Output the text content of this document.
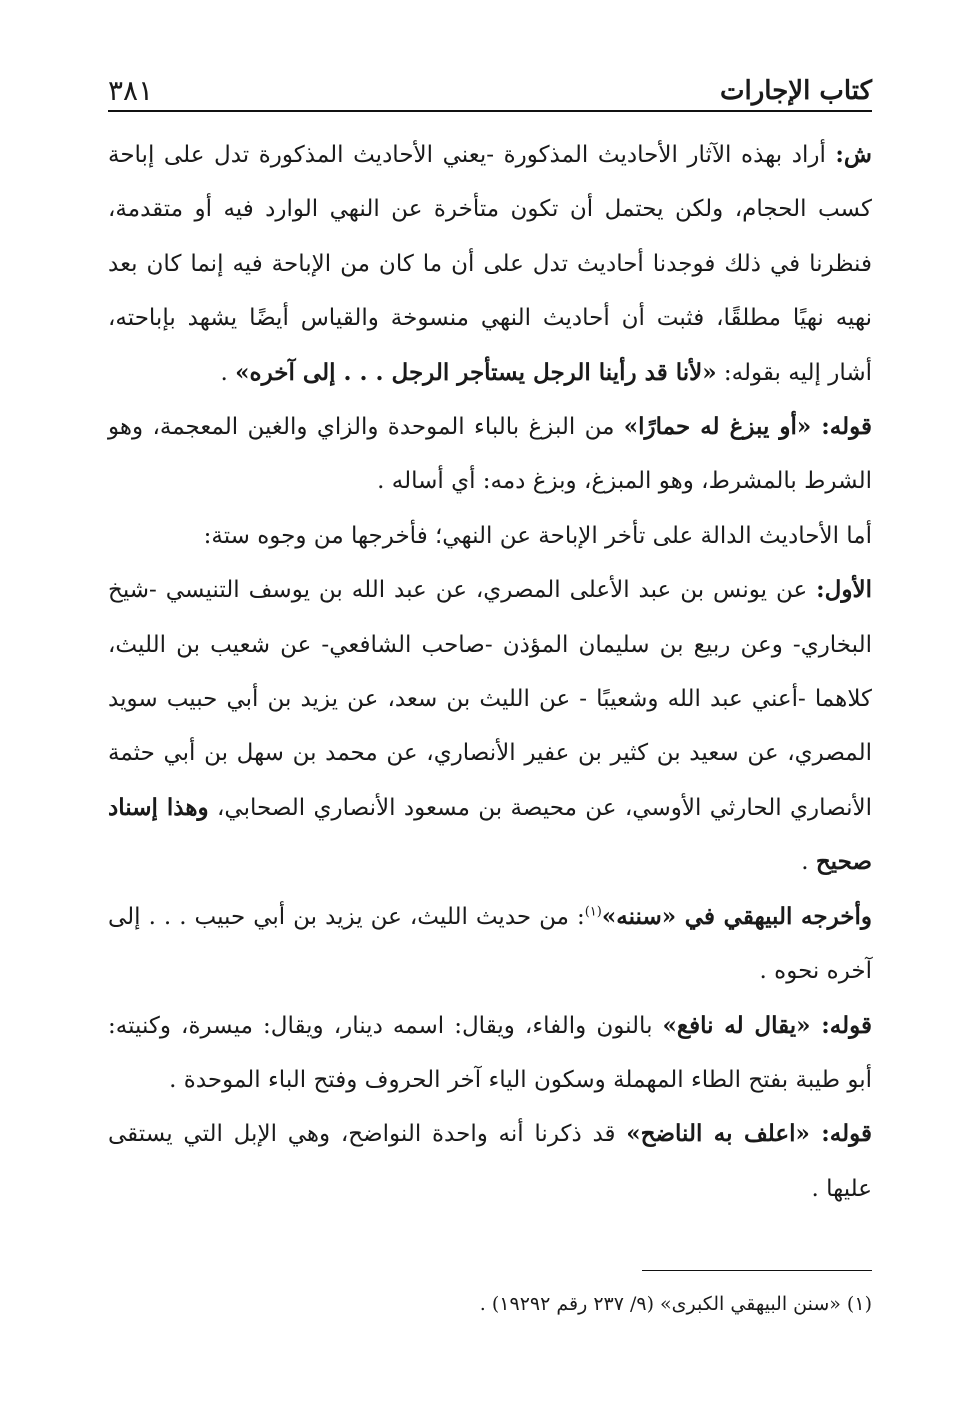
كتاب الإجارات
٣٨١

ش: أراد بهذه الآثار الأحاديث المذكورة -يعني الأحاديث المذكورة تدل على إباحة كسب الحجام، ولكن يحتمل أن تكون متأخرة عن النهي الوارد فيه أو متقدمة، فنظرنا في ذلك فوجدنا أحاديث تدل على أن ما كان من الإباحة فيه إنما كان بعد نهيه نهيًا مطلقًا، فثبت أن أحاديث النهي منسوخة والقياس أيضًا يشهد بإباحته، أشار إليه بقوله: «لأنا قد رأينا الرجل يستأجر الرجل . . . إلى آخره» .

قوله: «أو يبزغ له حمارًا» من البزغ بالباء الموحدة والزاي والغين المعجمة، وهو الشرط بالمشرط، وهو المبزغ، وبزغ دمه: أي أساله .

أما الأحاديث الدالة على تأخر الإباحة عن النهي؛ فأخرجها من وجوه ستة:

الأول: عن يونس بن عبد الأعلى المصري، عن عبد الله بن يوسف التنيسي -شيخ البخاري- وعن ربيع بن سليمان المؤذن -صاحب الشافعي- عن شعيب بن الليث، كلاهما -أعني عبد الله وشعيبًا - عن الليث بن سعد، عن يزيد بن أبي حبيب سويد المصري، عن سعيد بن كثير بن عفير الأنصاري، عن محمد بن سهل بن أبي حثمة الأنصاري الحارثي الأوسي، عن محيصة بن مسعود الأنصاري الصحابي، وهذا إسناد صحيح .

وأخرجه البيهقي في «سننه»$^{(١)}$: من حديث الليث، عن يزيد بن أبي حبيب . . . إلى آخره نحوه .

قوله: «يقال له نافع» بالنون والفاء، ويقال: اسمه دينار، ويقال: ميسرة، وكنيته: أبو طيبة بفتح الطاء المهملة وسكون الياء آخر الحروف وفتح الباء الموحدة .

قوله: «اعلف به الناضح» قد ذكرنا أنه واحدة النواضح، وهي الإبل التي يستقى عليها .

(١) «سنن البيهقي الكبرى» (٩/ ٢٣٧ رقم ١٩٢٩٢) .
